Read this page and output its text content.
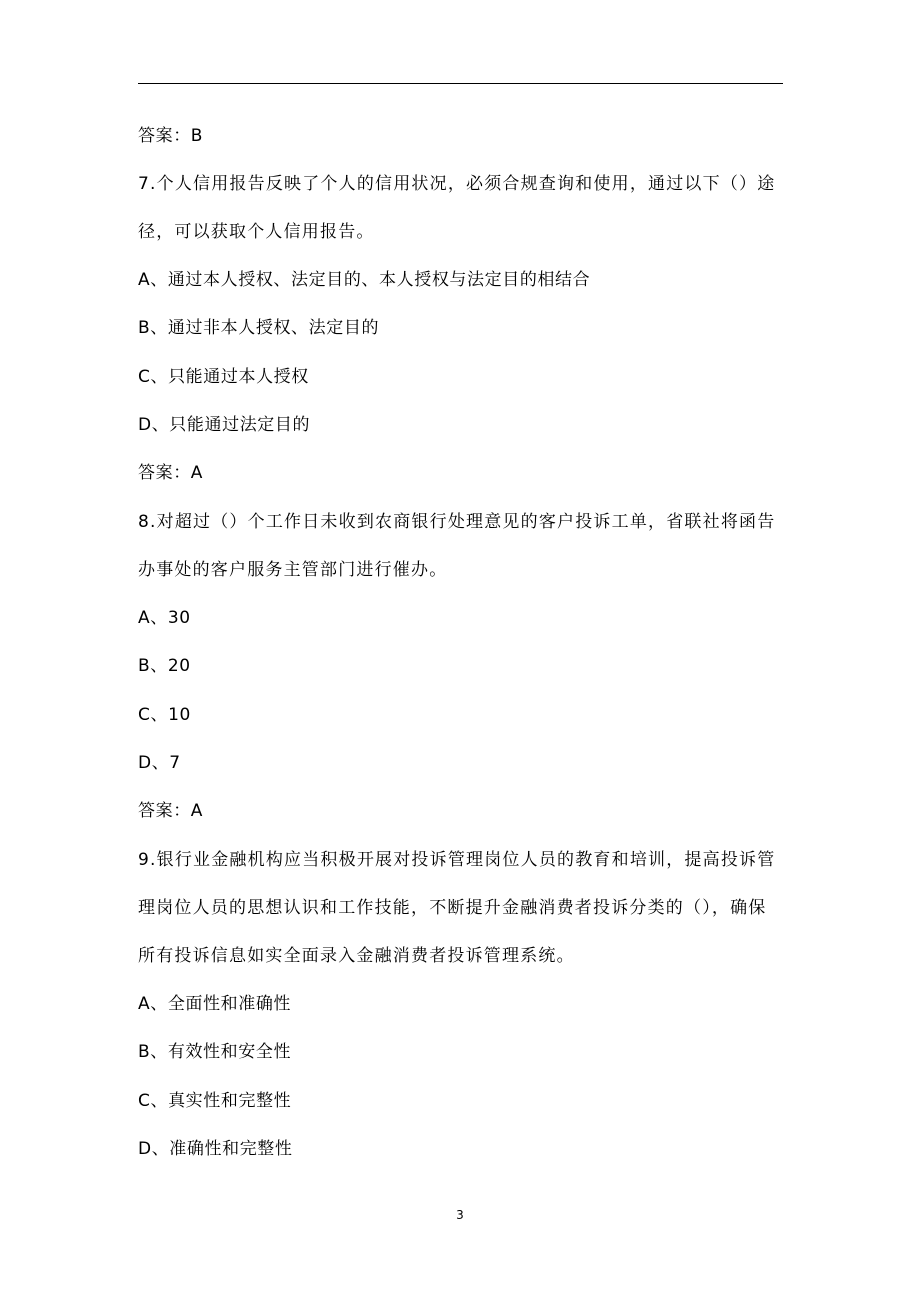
答案：B
7.个人信用报告反映了个人的信用状况，必须合规查询和使用，通过以下（）途
径，可以获取个人信用报告。
A、通过本人授权、法定目的、本人授权与法定目的相结合
B、通过非本人授权、法定目的
C、只能通过本人授权
D、只能通过法定目的
答案：A
8.对超过（）个工作日未收到农商银行处理意见的客户投诉工单，省联社将函告
办事处的客户服务主管部门进行催办。
A、30
B、20
C、10
D、7
答案：A
9.银行业金融机构应当积极开展对投诉管理岗位人员的教育和培训，提高投诉管
理岗位人员的思想认识和工作技能，不断提升金融消费者投诉分类的（），确保
所有投诉信息如实全面录入金融消费者投诉管理系统。
A、全面性和准确性
B、有效性和安全性
C、真实性和完整性
D、准确性和完整性
3
